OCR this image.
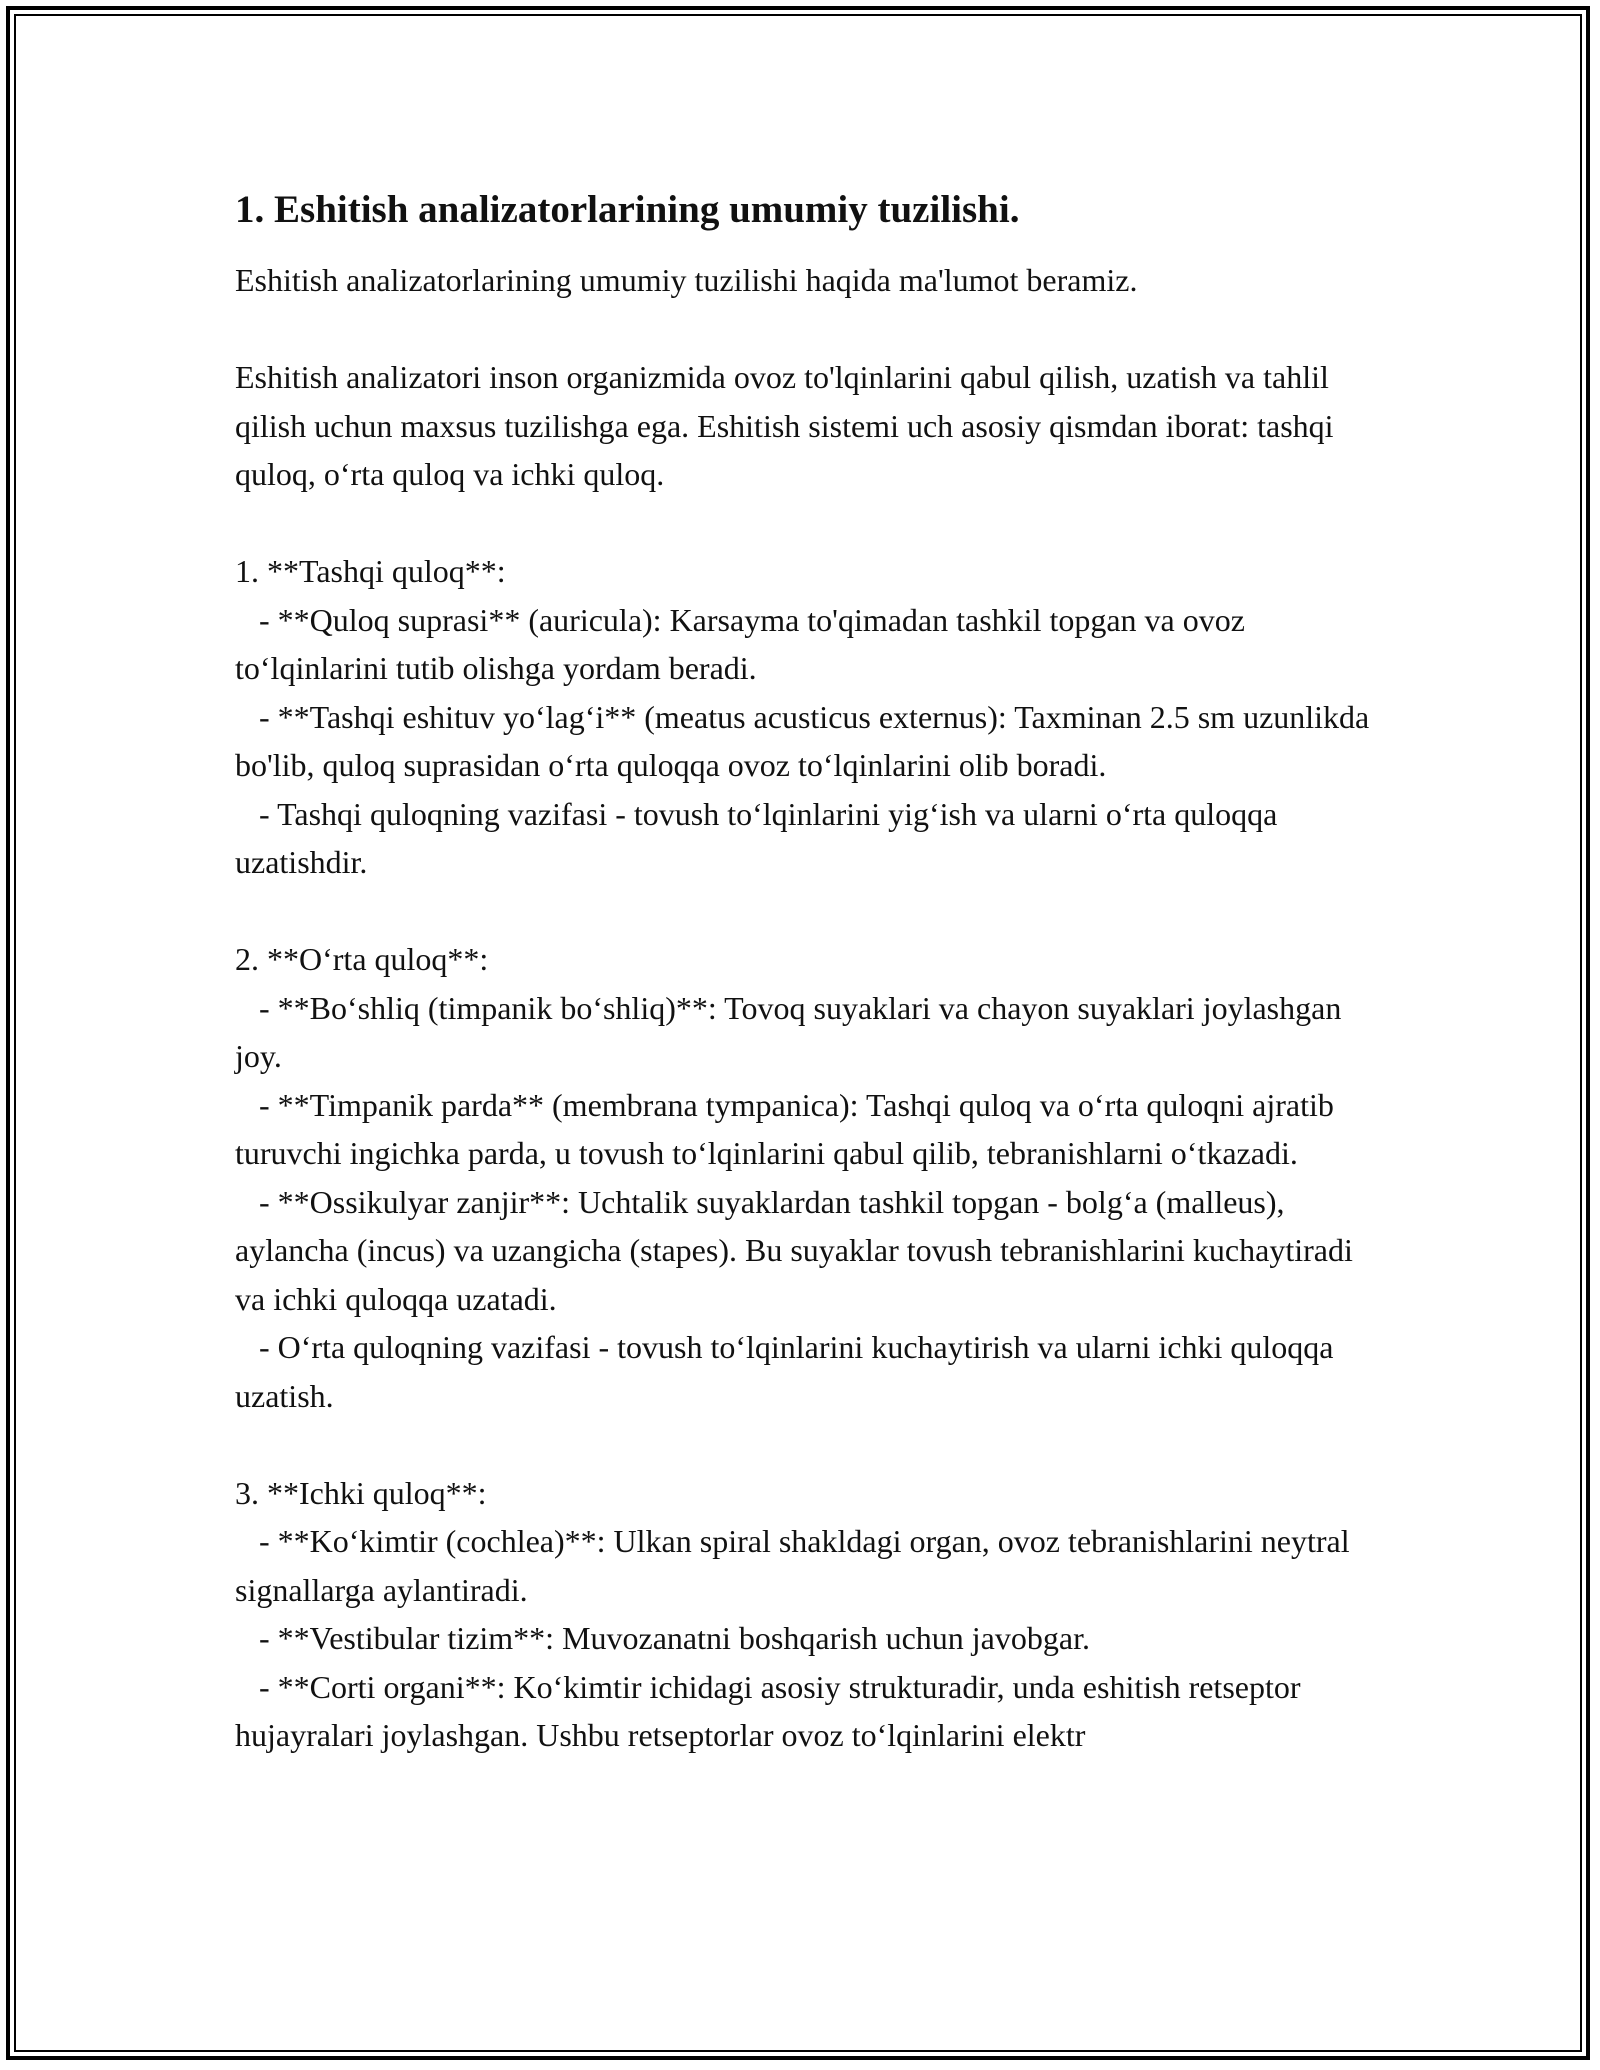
1. Eshitish analizatorlarining umumiy tuzilishi.

Eshitish analizatorlarining umumiy tuzilishi haqida ma'lumot beramiz.

Eshitish analizatori inson organizmida ovoz to'lqinlarini qabul qilish, uzatish va tahlil qilish uchun maxsus tuzilishga ega. Eshitish sistemi uch asosiy qismdan iborat: tashqi quloq, o‘rta quloq va ichki quloq.

1. **Tashqi quloq**:

- **Quloq suprasi** (auricula): Karsayma to'qimadan tashkil topgan va ovoz to‘lqinlarini tutib olishga yordam beradi.

- **Tashqi eshituv yo‘lag‘i** (meatus acusticus externus): Taxminan 2.5 sm uzunlikda bo'lib, quloq suprasidan o‘rta quloqqa ovoz to‘lqinlarini olib boradi.

- Tashqi quloqning vazifasi - tovush to‘lqinlarini yig‘ish va ularni o‘rta quloqqa uzatishdir.

2. **O‘rta quloq**:

- **Bo‘shliq (timpanik bo‘shliq)**: Tovoq suyaklari va chayon suyaklari joylashgan joy.

- **Timpanik parda** (membrana tympanica): Tashqi quloq va o‘rta quloqni ajratib turuvchi ingichka parda, u tovush to‘lqinlarini qabul qilib, tebranishlarni o‘tkazadi.

- **Ossikulyar zanjir**: Uchtalik suyaklardan tashkil topgan - bolg‘a (malleus), aylancha (incus) va uzangicha (stapes). Bu suyaklar tovush tebranishlarini kuchaytiradi va ichki quloqqa uzatadi.

- O‘rta quloqning vazifasi - tovush to‘lqinlarini kuchaytirish va ularni ichki quloqqa uzatish.

3. **Ichki quloq**:

- **Ko‘kimtir (cochlea)**: Ulkan spiral shakldagi organ, ovoz tebranishlarini neytral signallarga aylantiradi.

- **Vestibular tizim**: Muvozanatni boshqarish uchun javobgar.

- **Corti organi**: Ko‘kimtir ichidagi asosiy strukturadir, unda eshitish retseptor hujayralari joylashgan. Ushbu retseptorlar ovoz to‘lqinlarini elektr
